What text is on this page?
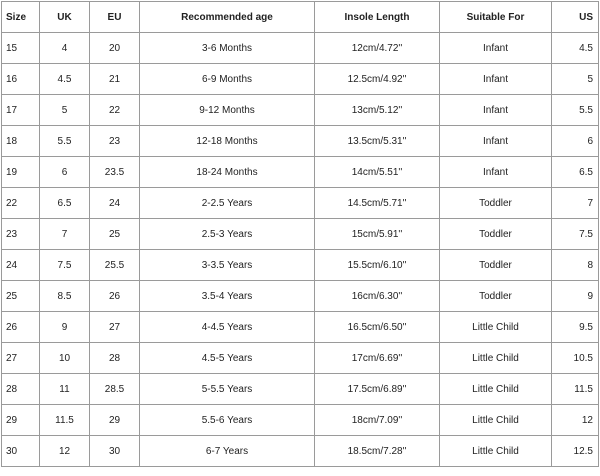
Size	UK	EU	Recommended age	Insole Length	Suitable For	US
15	4	20	3-6 Months	12cm/4.72''	Infant	4.5
16	4.5	21	6-9 Months	12.5cm/4.92''	Infant	5
17	5	22	9-12 Months	13cm/5.12''	Infant	5.5
18	5.5	23	12-18 Months	13.5cm/5.31''	Infant	6
19	6	23.5	18-24 Months	14cm/5.51''	Infant	6.5
22	6.5	24	2-2.5 Years	14.5cm/5.71''	Toddler	7
23	7	25	2.5-3 Years	15cm/5.91''	Toddler	7.5
24	7.5	25.5	3-3.5 Years	15.5cm/6.10''	Toddler	8
25	8.5	26	3.5-4 Years	16cm/6.30''	Toddler	9
26	9	27	4-4.5 Years	16.5cm/6.50''	Little Child	9.5
27	10	28	4.5-5 Years	17cm/6.69''	Little Child	10.5
28	11	28.5	5-5.5 Years	17.5cm/6.89''	Little Child	11.5
29	11.5	29	5.5-6 Years	18cm/7.09''	Little Child	12
30	12	30	6-7 Years	18.5cm/7.28''	Little Child	12.5
